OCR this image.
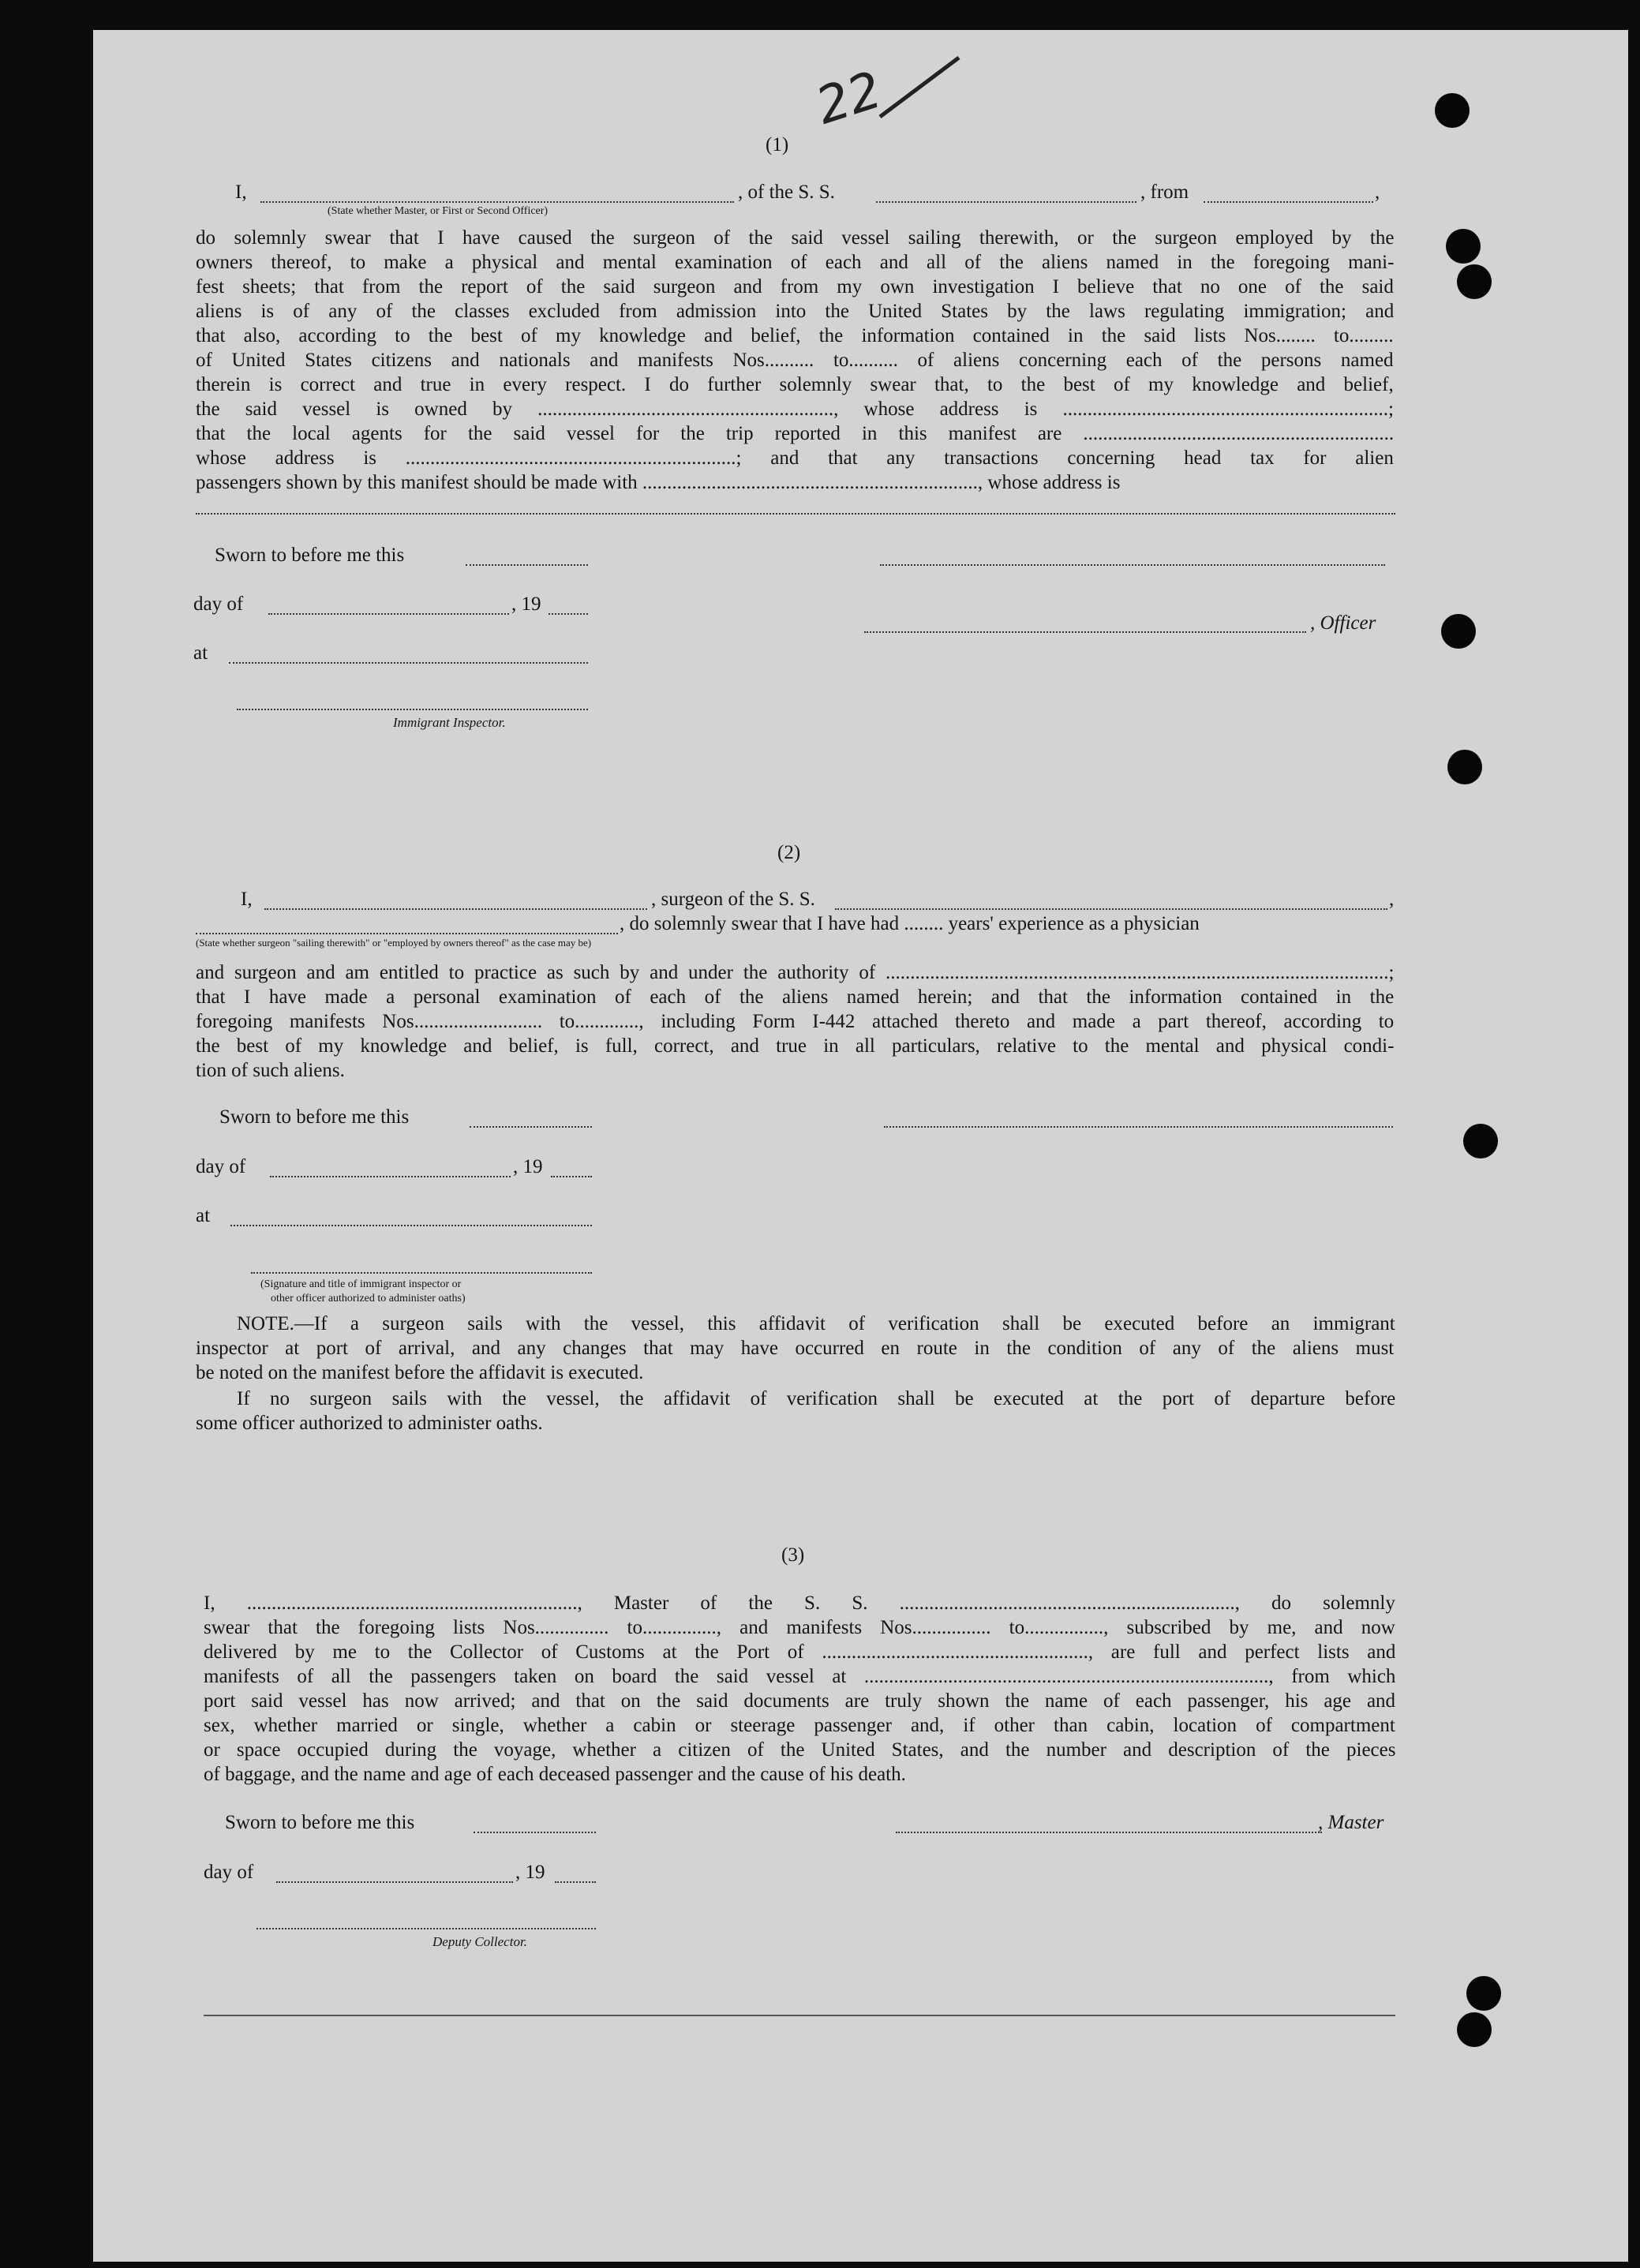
22
(1)
I,	, of the S. S.	, from	,
(State whether Master, or First or Second Officer)
do solemnly swear that I have caused the surgeon of the said vessel sailing therewith, or the surgeon employed by the
owners thereof, to make a physical and mental examination of each and all of the aliens named in the foregoing mani-
fest sheets; that from the report of the said surgeon and from my own investigation I believe that no one of the said
aliens is of any of the classes excluded from admission into the United States by the laws regulating immigration; and
that also, according to the best of my knowledge and belief, the information contained in the said lists Nos........ to.........
of United States citizens and nationals and manifests Nos.......... to.......... of aliens concerning each of the persons named
therein is correct and true in every respect. I do further solemnly swear that, to the best of my knowledge and belief,
the said vessel is owned by ............................................................, whose address is ..................................................................;
that the local agents for the said vessel for the trip reported in this manifest are ...............................................................
whose address is ...................................................................; and that any transactions concerning head tax for alien
passengers shown by this manifest should be made with ...................................................................., whose address is
Sworn to before me this
day of	, 19
, Officer
at
Immigrant Inspector.
(2)
I,	, surgeon of the S. S.	,
, do solemnly swear that I have had ........ years' experience as a physician
(State whether surgeon "sailing therewith" or "employed by owners thereof" as the case may be)
and surgeon and am entitled to practice as such by and under the authority of ......................................................................................................;
that I have made a personal examination of each of the aliens named herein; and that the information contained in the
foregoing manifests Nos.......................... to............., including Form I-442 attached thereto and made a part thereof, according to
the best of my knowledge and belief, is full, correct, and true in all particulars, relative to the mental and physical condi-
tion of such aliens.
Sworn to before me this
day of	, 19
at
(Signature and title of immigrant inspector or
other officer authorized to administer oaths)
NOTE.—If a surgeon sails with the vessel, this affidavit of verification shall be executed before an immigrant
inspector at port of arrival, and any changes that may have occurred en route in the condition of any of the aliens must
be noted on the manifest before the affidavit is executed.
If no surgeon sails with the vessel, the affidavit of verification shall be executed at the port of departure before
some officer authorized to administer oaths.
(3)
I, ..................................................................., Master of the S. S. ...................................................................., do solemnly
swear that the foregoing lists Nos............... to..............., and manifests Nos................ to................, subscribed by me, and now
delivered by me to the Collector of Customs at the Port of ......................................................, are full and perfect lists and
manifests of all the passengers taken on board the said vessel at .................................................................................., from which
port said vessel has now arrived; and that on the said documents are truly shown the name of each passenger, his age and
sex, whether married or single, whether a cabin or steerage passenger and, if other than cabin, location of compartment
or space occupied during the voyage, whether a citizen of the United States, and the number and description of the pieces
of baggage, and the name and age of each deceased passenger and the cause of his death.
Sworn to before me this	, Master
day of	, 19
Deputy Collector.
